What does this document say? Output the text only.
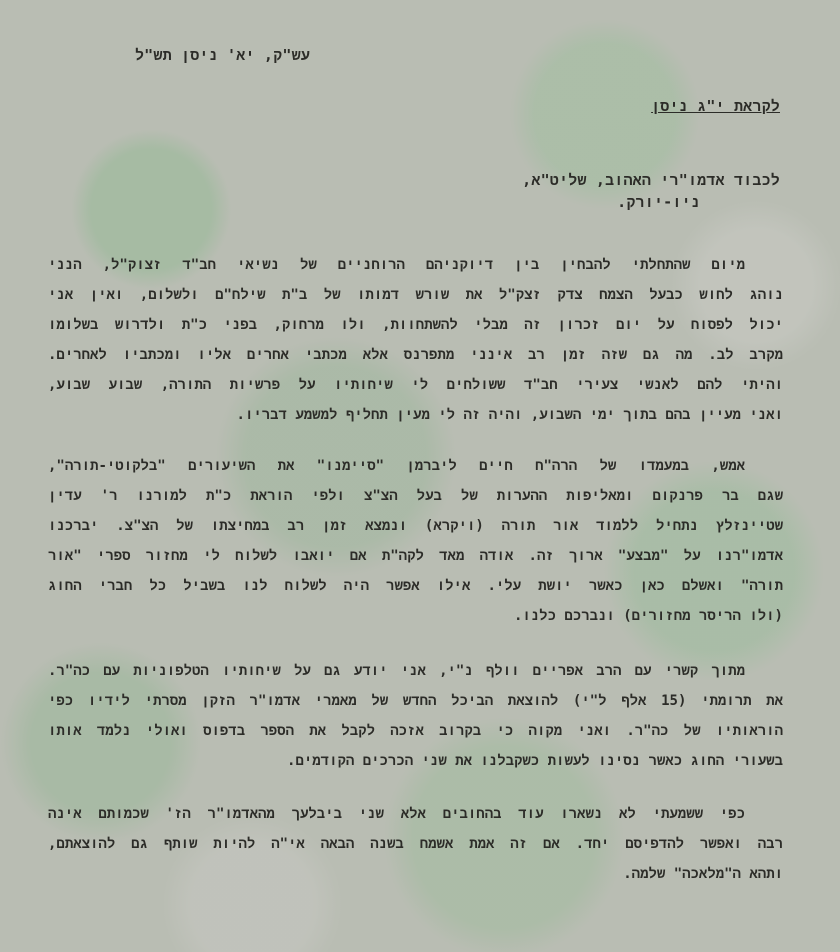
עש"ק, יא' ניסן תש"ל
לקראת י"ג ניסן
לכבוד אדמו"רי האהוב, שליט"א,
ניו-יורק.
מיום שהתחלתי להבחין בין דיוקניהם הרוחניים של נשיאי חב"ד זצוק"ל, הנני
נוהג לחוש כבעל הצמח צדק זצק"ל את שורש דמותו של ב"ת שילח"ם ולשלום, ואין אני
יכול לפסוח על יום זכרון זה מבלי להשתחוות, ולו מרחוק, בפני כ"ת ולדרוש בשלומו
מקרב לב. מה גם שזה זמן רב אינני מתפרנס אלא מכתבי אחרים אליו ומכתביו לאחרים.
והיתי להם לאנשי צעירי חב"ד ששולחים לי שיחותיו על פרשיות התורה, שבוע שבוע,
ואני מעיין בהם בתוך ימי השבוע, והיה זה לי מעין תחליף למשמע דבריו.
אמש, במעמדו של הרה"ח חיים ליברמן "סיימנו" את השיעורים "בלקוטי-תורה",
שגם בר פרנקום ומאליפות ההערות של בעל הצ"צ ולפי הוראת כ"ת למורנו ר' עדין
שטיינזלץ נתחיל ללמוד אור תורה (ויקרא) ונמצא זמן רב במחיצתו של הצ"צ. יברכנו
אדמו"רנו על "מבצע" ארוך זה. אודה מאד לקה"ת אם יואבו לשלוח לי מחזור ספרי "אור
תורה" ואשלם כאן כאשר יושת עלי. אילו אפשר היה לשלוח לנו בשביל כל חברי החוג
(ולו הריסר מחזורים) ונברכם כלנו.
מתוך קשרי עם הרב אפריים וולף נ"י, אני יודע גם על שיחותיו הטלפוניות עם כה"ר.
את תרומתי (15 אלף ל"י) להוצאת הביכל החדש של מאמרי אדמו"ר הזקן מסרתי לידיו כפי
הוראותיו של כה"ר. ואני מקוה כי בקרוב אזכה לקבל את הספר בדפוס ואולי נלמד אותו
בשעורי החוג כאשר נסינו לעשות כשקבלנו את שני הכרכים הקודמים.
כפי ששמעתי לא נשארו עוד בהחובים אלא שני ביבלעך מהאדמו"ר הז' שכמותם אינה
רבה ואפשר להדפיסם יחד. אם זה אמת אשמח בשנה הבאה אי"ה להיות שותף גם להוצאתם,
ותהא ה"מלאכה" שלמה.
